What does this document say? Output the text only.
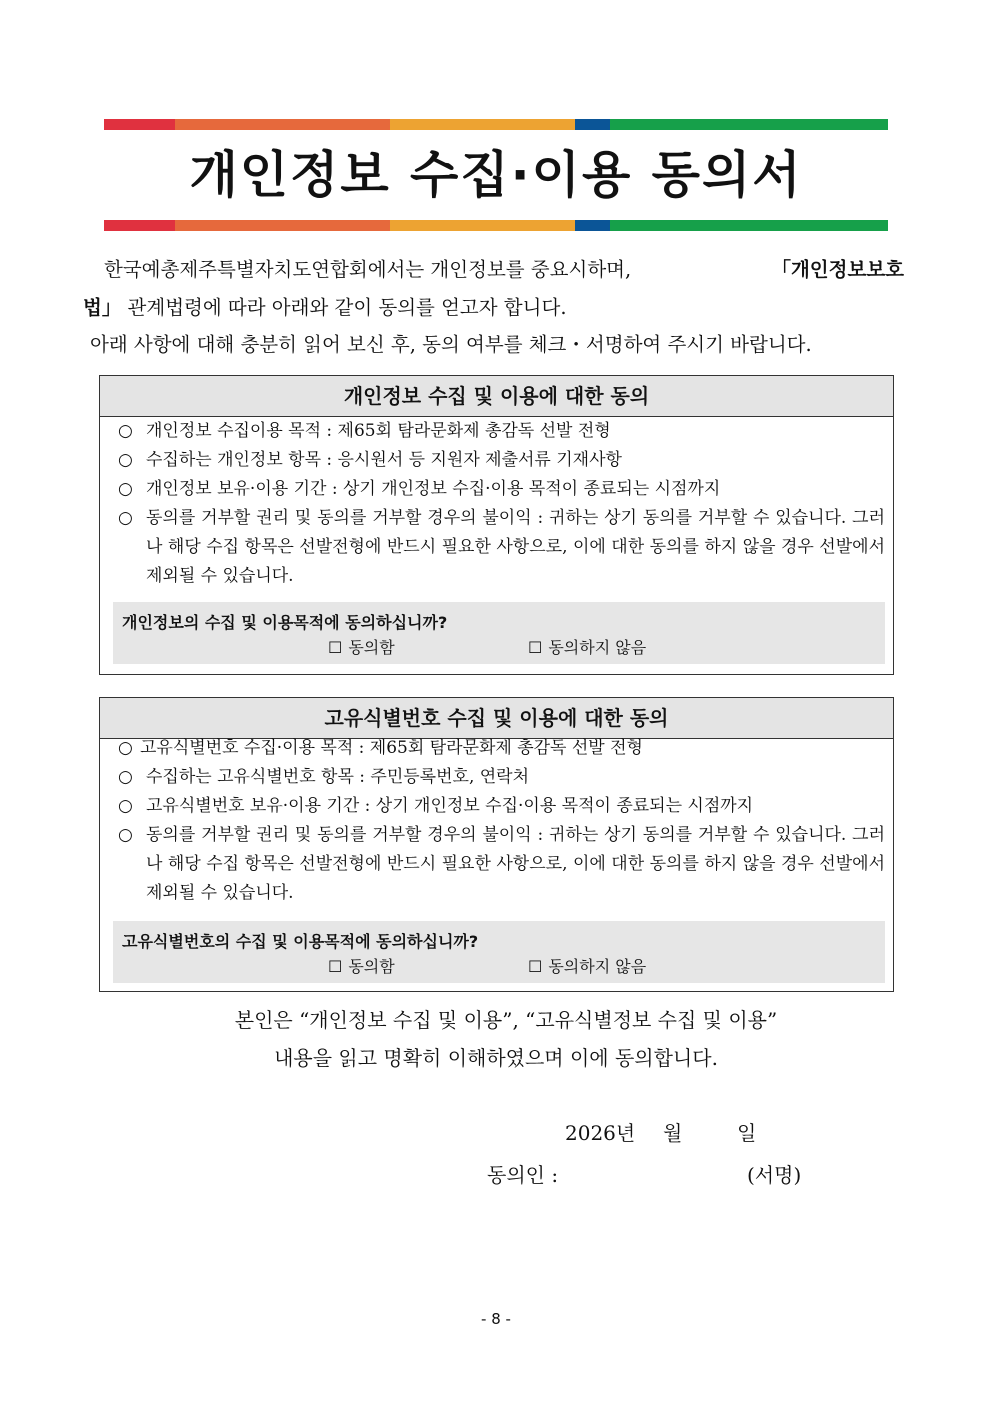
개인정보 수집·이용 동의서
한국예총제주특별자치도연합회에서는 개인정보를 중요시하며,	「개인정보보호
법」 관계법령에 따라 아래와 같이 동의를 얻고자 합니다.
아래 사항에 대해 충분히 읽어 보신 후, 동의 여부를 체크・서명하여 주시기 바랍니다.
개인정보 수집 및 이용에 대한 동의
○ 개인정보 수집이용 목적 : 제65회 탐라문화제 총감독 선발 전형
○ 수집하는 개인정보 항목 : 응시원서 등 지원자 제출서류 기재사항
○ 개인정보 보유·이용 기간 : 상기 개인정보 수집·이용 목적이 종료되는 시점까지
○ 동의를 거부할 권리 및 동의를 거부할 경우의 불이익 : 귀하는 상기 동의를 거부할 수 있습니다. 그러나 해당 수집 항목은 선발전형에 반드시 필요한 사항으로, 이에 대한 동의를 하지 않을 경우 선발에서 제외될 수 있습니다.
개인정보의 수집 및 이용목적에 동의하십니까?
☐ 동의함	☐ 동의하지 않음
고유식별번호 수집 및 이용에 대한 동의
○ 고유식별번호 수집·이용 목적 : 제65회 탐라문화제 총감독 선발 전형
○ 수집하는 고유식별번호 항목 : 주민등록번호, 연락처
○ 고유식별번호 보유·이용 기간 : 상기 개인정보 수집·이용 목적이 종료되는 시점까지
○ 동의를 거부할 권리 및 동의를 거부할 경우의 불이익 : 귀하는 상기 동의를 거부할 수 있습니다. 그러나 해당 수집 항목은 선발전형에 반드시 필요한 사항으로, 이에 대한 동의를 하지 않을 경우 선발에서 제외될 수 있습니다.
고유식별번호의 수집 및 이용목적에 동의하십니까?
☐ 동의함	☐ 동의하지 않음
본인은 “개인정보 수집 및 이용”, “고유식별정보 수집 및 이용”
내용을 읽고 명확히 이해하였으며 이에 동의합니다.
2026년 월	일
동의인 :	(서명)
- 8 -
